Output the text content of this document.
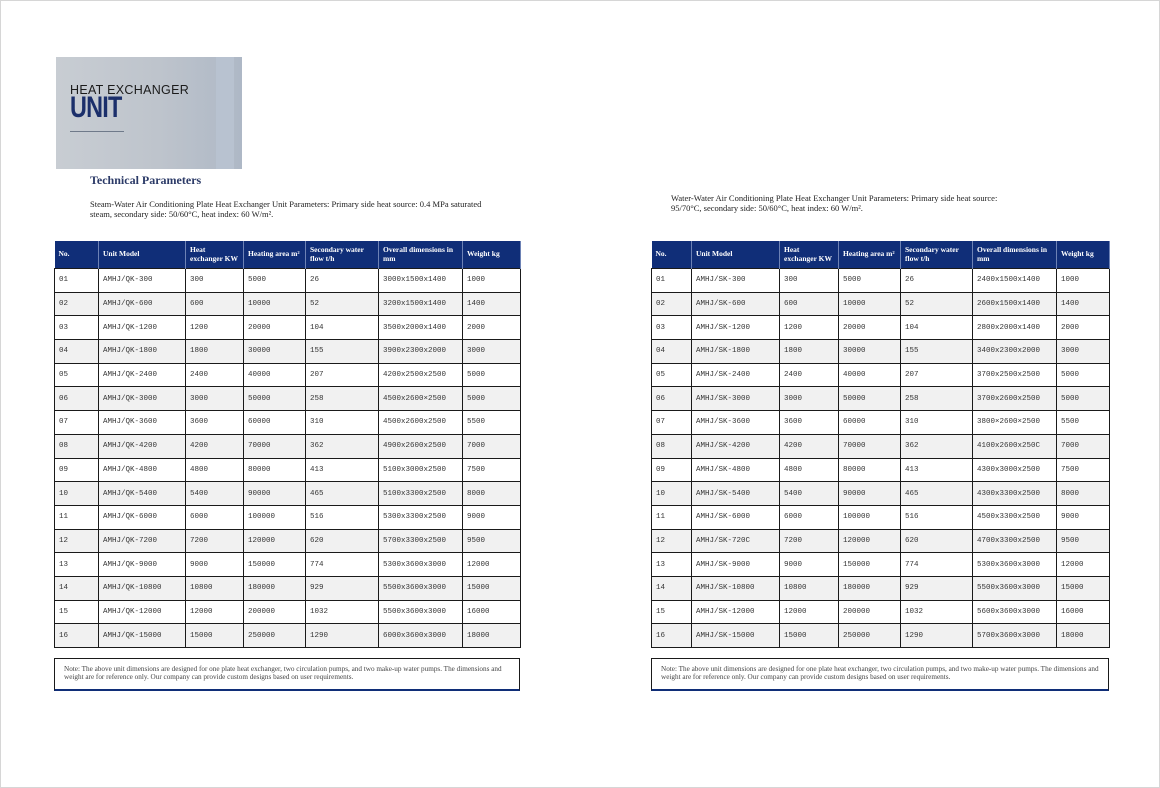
HEAT EXCHANGER
UNIT
Technical Parameters
Steam-Water Air Conditioning Plate Heat Exchanger Unit Parameters: Primary side heat source: 0.4 MPa saturated steam, secondary side: 50/60°C, heat index: 60 W/m².
Water-Water Air Conditioning Plate Heat Exchanger Unit Parameters: Primary side heat source: 95/70°C, secondary side: 50/60°C, heat index: 60 W/m².
No.	Unit Model	Heat exchanger KW	Heating area m²	Secondary water flow t/h	Overall dimensions in mm	Weight kg
01	AMHJ/QK-300	300	5000	26	3000x1500x1400	1000
02	AMHJ/QK-600	600	10000	52	3200x1500x1400	1400
03	AMHJ/QK-1200	1200	20000	104	3500x2000x1400	2000
04	AMHJ/QK-1800	1800	30000	155	3900x2300x2000	3000
05	AMHJ/QK-2400	2400	40000	207	4200x2500x2500	5000
06	AMHJ/QK-3000	3000	50000	258	4500x2600×2500	5000
07	AMHJ/QK-3600	3600	60000	310	4500x2600x2500	5500
08	AMHJ/QK-4200	4200	70000	362	4900x2600x2500	7000
09	AMHJ/QK-4800	4800	80000	413	5100x3000x2500	7500
10	AMHJ/QK-5400	5400	90000	465	5100x3300x2500	8000
11	AMHJ/QK-6000	6000	100000	516	5300x3300x2500	9000
12	AMHJ/QK-7200	7200	120000	620	5700x3300x2500	9500
13	AMHJ/QK-9000	9000	150000	774	5300x3600x3000	12000
14	AMHJ/QK-10800	10800	180000	929	5500x3600x3000	15000
15	AMHJ/QK-12000	12000	200000	1032	5500x3600x3000	16000
16	AMHJ/QK-15000	15000	250000	1290	6000x3600x3000	18000
No.	Unit Model	Heat exchanger KW	Heating area m²	Secondary water flow t/h	Overall dimensions in mm	Weight kg
01	AMHJ/SK-300	300	5000	26	2400x1500x1400	1000
02	AMHJ/SK-600	600	10000	52	2600x1500x1400	1400
03	AMHJ/SK-1200	1200	20000	104	2800x2000x1400	2000
04	AMHJ/SK-1800	1800	30000	155	3400x2300x2000	3000
05	AMHJ/SK-2400	2400	40000	207	3700x2500x2500	5000
06	AMHJ/SK-3000	3000	50000	258	3700x2600x2500	5000
07	AMHJ/SK-3600	3600	60000	310	3800×2600×2500	5500
08	AMHJ/SK-4200	4200	70000	362	4100x2600x250C	7000
09	AMHJ/SK-4800	4800	80000	413	4300x3000x2500	7500
10	AMHJ/SK-5400	5400	90000	465	4300x3300x2500	8000
11	AMHJ/SK-6000	6000	100000	516	4500x3300x2500	9000
12	AMHJ/SK-720C	7200	120000	620	4700x3300x2500	9500
13	AMHJ/SK-9000	9000	150000	774	5300x3600x3000	12000
14	AMHJ/SK-10800	10800	180000	929	5500x3600x3000	15000
15	AMHJ/SK-12000	12000	200000	1032	5600x3600x3000	16000
16	AMHJ/SK-15000	15000	250000	1290	5700x3600x3000	18000
Note: The above unit dimensions are designed for one plate heat exchanger, two circulation pumps, and two make-up water pumps. The dimensions and weight are for reference only. Our company can provide custom designs based on user requirements.
Note: The above unit dimensions are designed for one plate heat exchanger, two circulation pumps, and two make-up water pumps. The dimensions and weight are for reference only. Our company can provide custom designs based on user requirements.
